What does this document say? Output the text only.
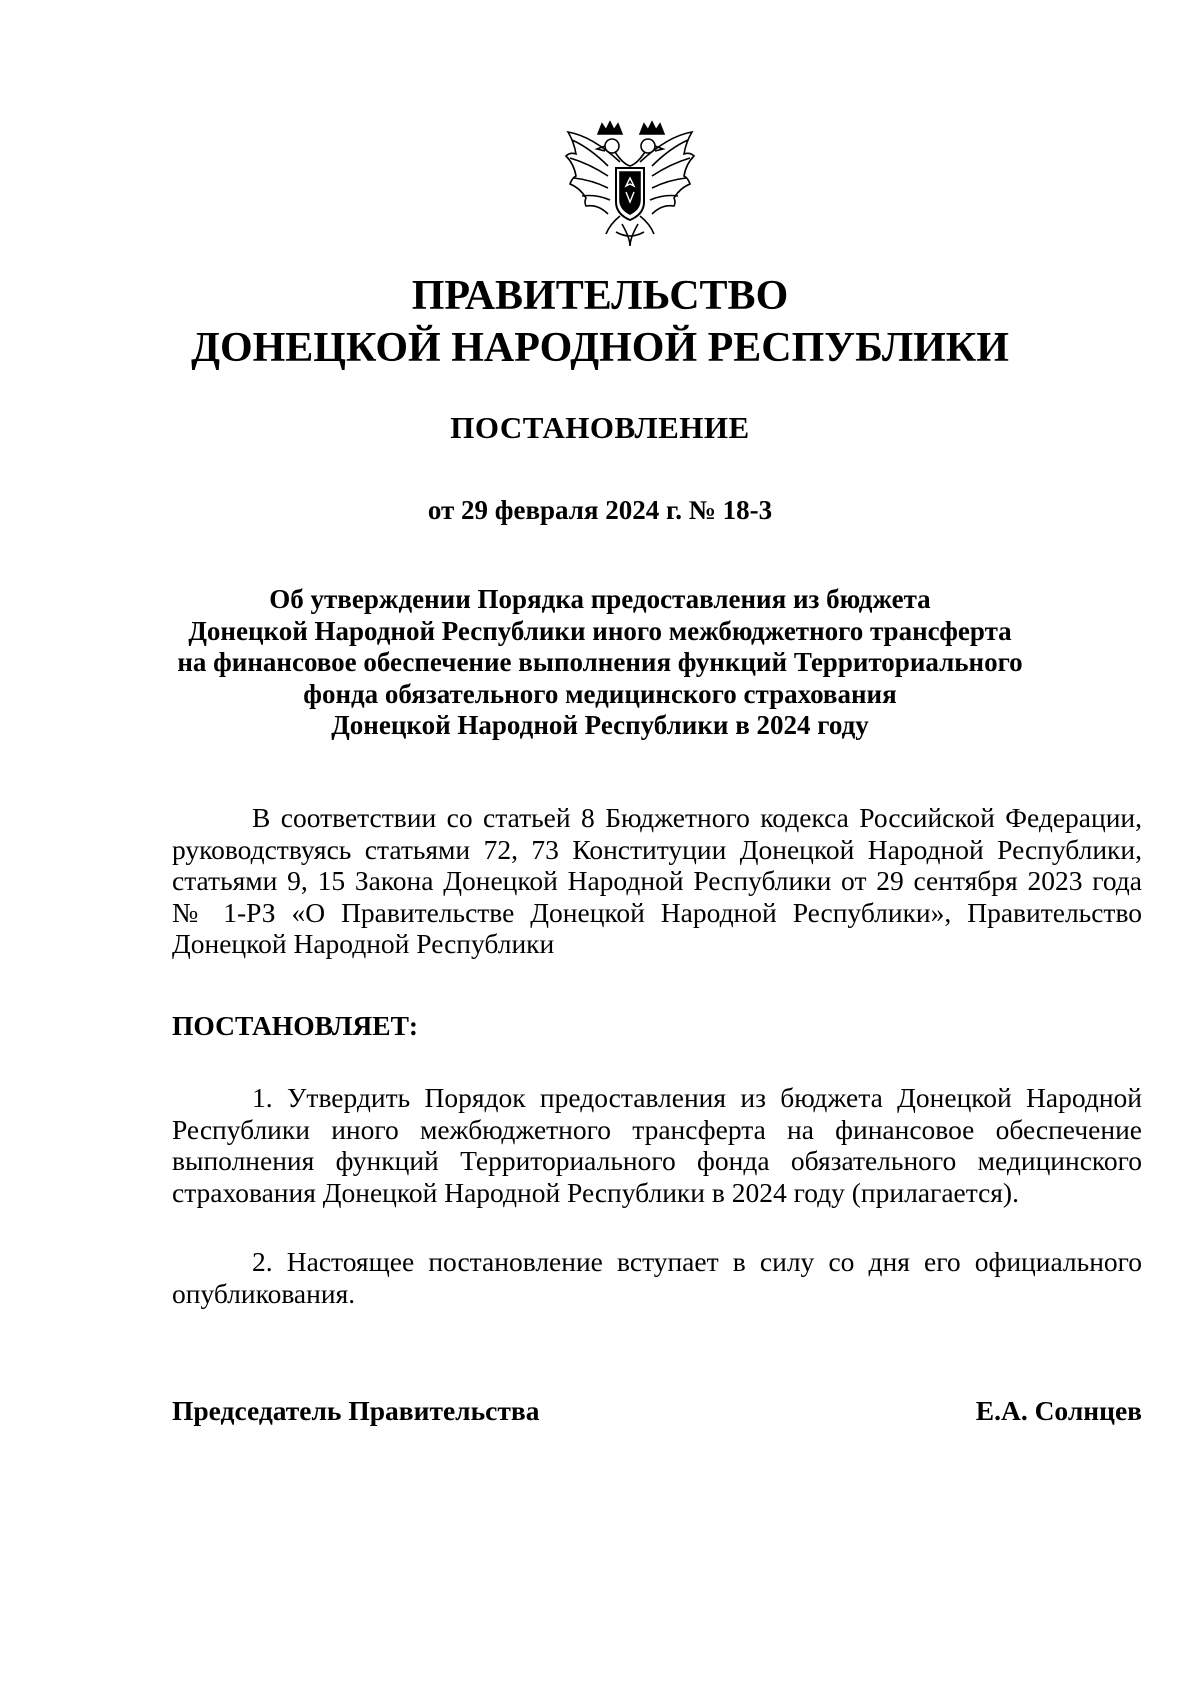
ПРАВИТЕЛЬСТВО
ДОНЕЦКОЙ НАРОДНОЙ РЕСПУБЛИКИ
ПОСТАНОВЛЕНИЕ
от 29 февраля 2024 г. № 18-3
Об утверждении Порядка предоставления из бюджета
Донецкой Народной Республики иного межбюджетного трансферта
на финансовое обеспечение выполнения функций Территориального
фонда обязательного медицинского страхования
Донецкой Народной Республики в 2024 году
В соответствии со статьей 8 Бюджетного кодекса Российской Федерации,
руководствуясь статьями 72, 73 Конституции Донецкой Народной Республики,
статьями 9, 15 Закона Донецкой Народной Республики от 29 сентября 2023 года
№ 1-РЗ «О Правительстве Донецкой Народной Республики», Правительство
Донецкой Народной Республики
ПОСТАНОВЛЯЕТ:
1. Утвердить Порядок предоставления из бюджета Донецкой Народной
Республики иного межбюджетного трансферта на финансовое обеспечение
выполнения функций Территориального фонда обязательного медицинского
страхования Донецкой Народной Республики в 2024 году (прилагается).
2. Настоящее постановление вступает в силу со дня его официального
опубликования.
Председатель Правительства	Е.А. Солнцев
